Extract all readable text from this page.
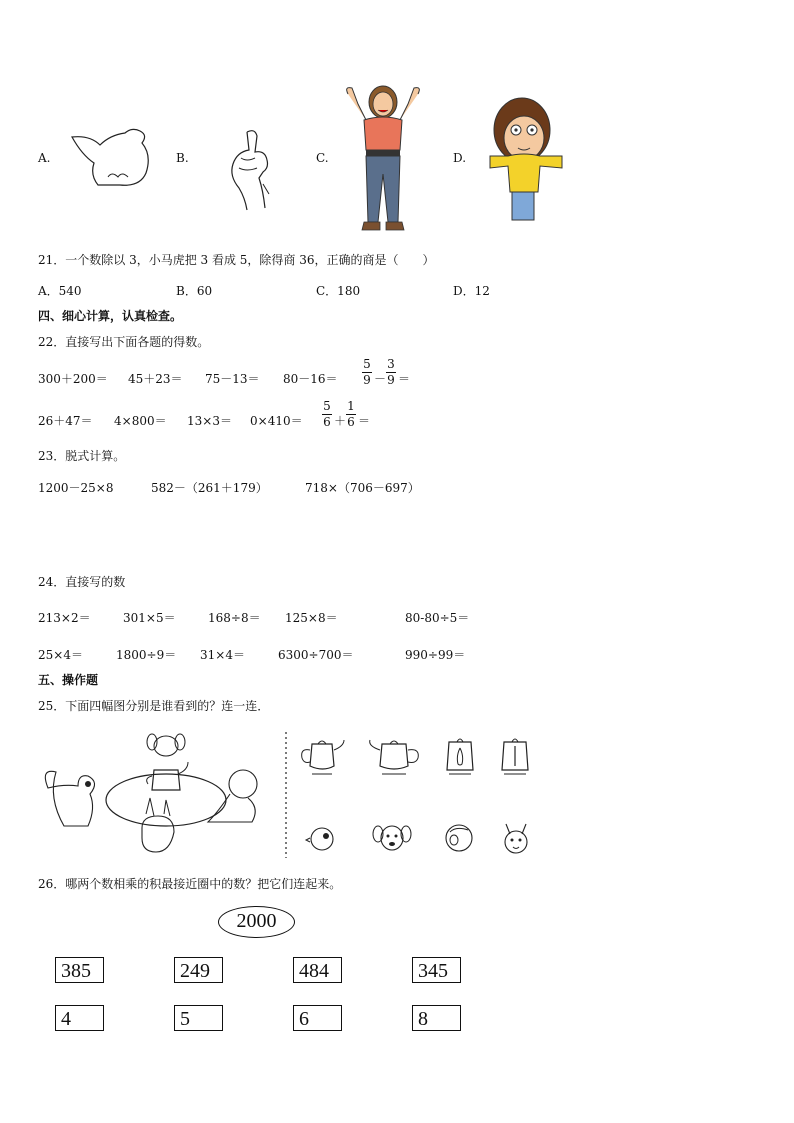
A.	B.	C.	D.
21．一个数除以 3，小马虎把 3 看成 5，除得商 36，正确的商是（　　）
A．540	B．60	C．180	D．12
四、细心计算，认真检查。
22．直接写出下面各题的得数。
300＋200＝ 45＋23＝ 75－13＝ 80－16＝
5
9 －
3
9 ＝
26＋47＝ 4×800＝ 13×3＝ 0×410＝
5
6 ＋
1
6 ＝
23．脱式计算。
1200－25×8	582－（261＋179）	718×（706－697）
24．直接写的数
213×2＝	301×5＝	168÷8＝ 125×8＝	80-80÷5＝
25×4＝	1800÷9＝ 31×4＝	6300÷700＝	990÷99＝
五、操作题
25．下面四幅图分别是谁看到的？连一连．
26．哪两个数相乘的积最接近圈中的数？把它们连起来。
2000
385	249	484	345
4	5	6	8
